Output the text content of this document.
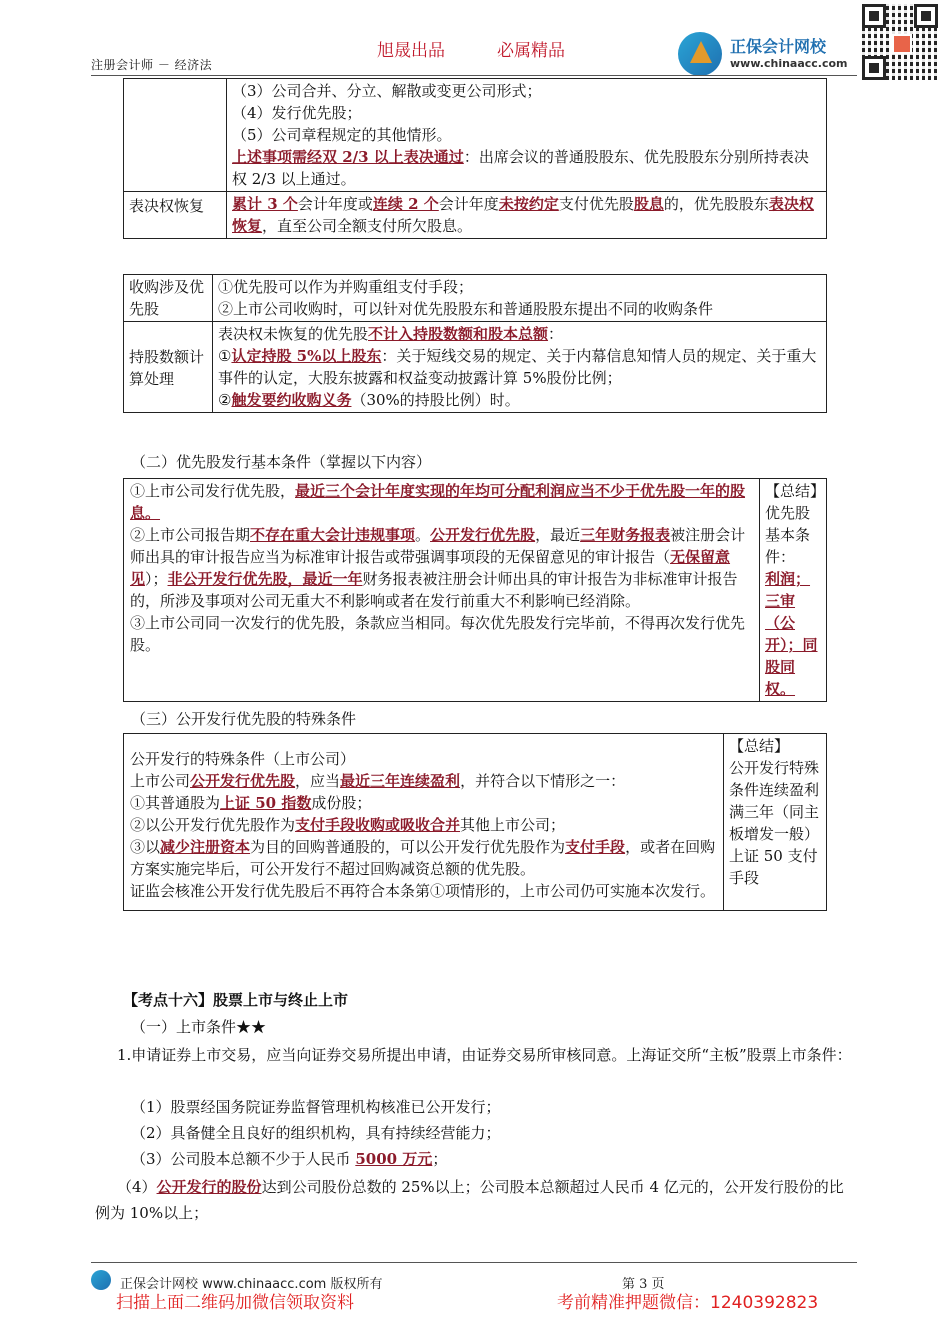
注册会计师 － 经济法
旭晟出品	必属精品	正保会计网校
www.chinaacc.com

	（3）公司合并、分立、解散或变更公司形式；
（4）发行优先股；
（5）公司章程规定的其他情形。
上述事项需经双 2/3 以上表决通过：出席会议的普通股股东、优先股股东分别所持表决权 2/3 以上通过。

表决权恢复	累计 3 个会计年度或连续 2 个会计年度未按约定支付优先股股息的，优先股股东表决权恢复，直至公司全额支付所欠股息。
收购涉及优先股	①优先股可以作为并购重组支付手段；
②上市公司收购时，可以针对优先股股东和普通股股东提出不同的收购条件

持股数额计算处理	表决权未恢复的优先股不计入持股数额和股本总额：
①认定持股 5%以上股东：关于短线交易的规定、关于内幕信息知情人员的规定、关于重大事件的认定，大股东披露和权益变动披露计算 5%股份比例；
②触发要约收购义务（30%的持股比例）时。
（二）优先股发行基本条件（掌握以下内容）
①上市公司发行优先股，最近三个会计年度实现的年均可分配利润应当不少于优先股一年的股息。
②上市公司报告期不存在重大会计违规事项。公开发行优先股，最近三年财务报表被注册会计师出具的审计报告应当为标准审计报告或带强调事项段的无保留意见的审计报告（无保留意见）；非公开发行优先股，最近一年财务报表被注册会计师出具的审计报告为非标准审计报告的，所涉及事项对公司无重大不利影响或者在发行前重大不利影响已经消除。
③上市公司同一次发行的优先股，条款应当相同。每次优先股发行完毕前，不得再次发行优先股。

【总结】
优先股基本条件：
利润；三审（公开）；同股同权。
（三）公开发行优先股的特殊条件
公开发行的特殊条件（上市公司）
上市公司公开发行优先股，应当最近三年连续盈利，并符合以下情形之一：
①其普通股为上证 50 指数成份股；
②以公开发行优先股作为支付手段收购或吸收合并其他上市公司；
③以减少注册资本为目的回购普通股的，可以公开发行优先股作为支付手段，或者在回购方案实施完毕后，可公开发行不超过回购减资总额的优先股。
证监会核准公开发行优先股后不再符合本条第①项情形的，上市公司仍可实施本次发行。

【总结】
公开发行特殊条件连续盈利满三年（同主板增发一般）上证 50 支付手段
【考点十六】股票上市与终止上市
（一）上市条件★★
1.申请证券上市交易，应当向证券交易所提出申请，由证券交易所审核同意。上海证交所“主板”股票上市条件：
（1）股票经国务院证券监督管理机构核准已公开发行；
（2）具备健全且良好的组织机构，具有持续经营能力；
（3）公司股本总额不少于人民币 5000 万元；
（4）公开发行的股份达到公司股份总数的 25%以上；公司股本总额超过人民币 4 亿元的，公开发行股份的比例为 10%以上；
正保会计网校 www.chinaacc.com 版权所有	第 3 页
扫描上面二维码加微信领取资料	考前精准押题微信：1240392823
